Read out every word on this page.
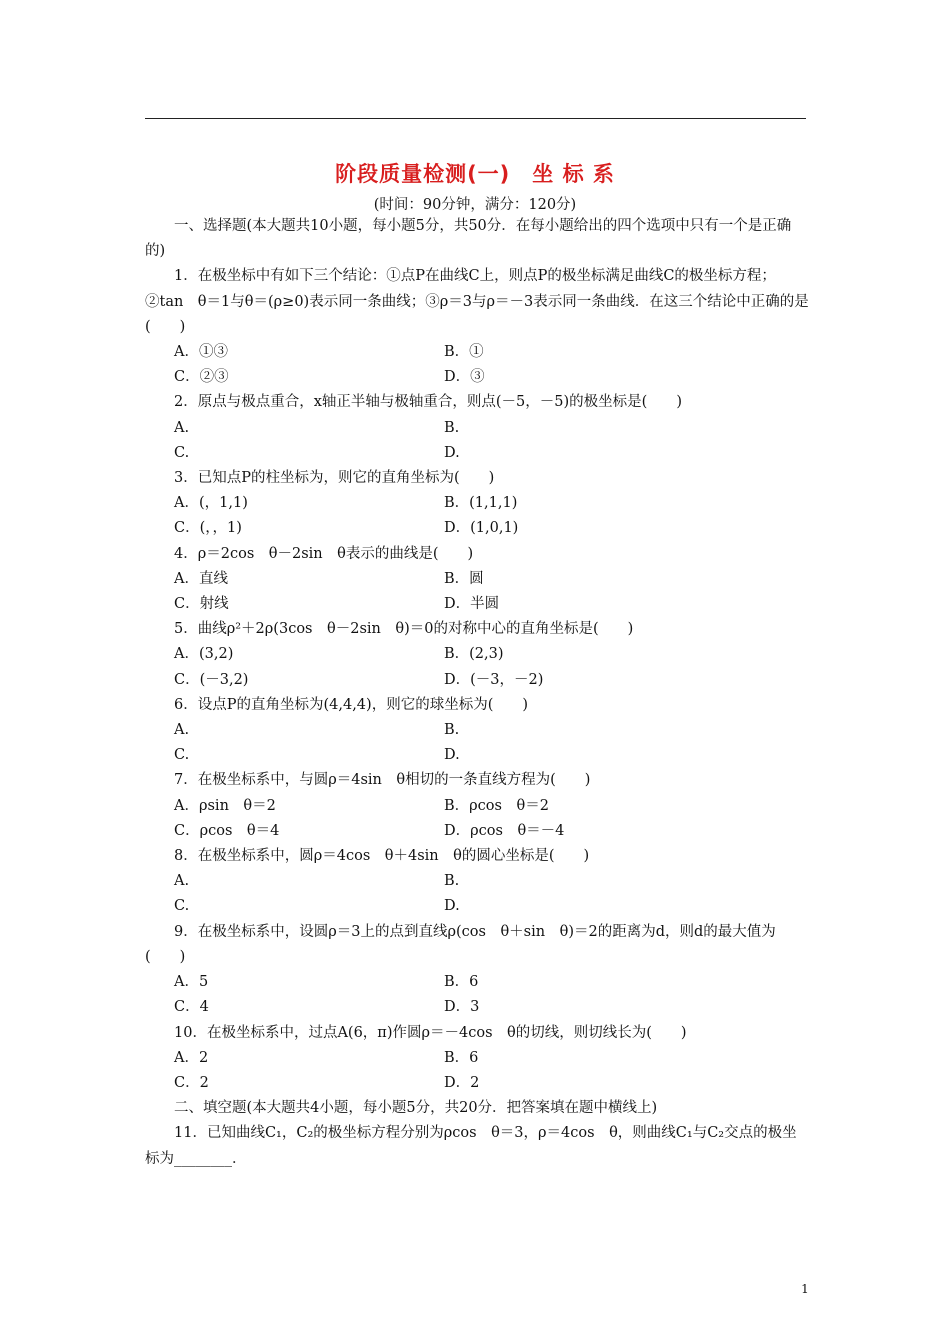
阶段质量检测(一)　坐 标 系
(时间：90分钟，满分：120分)

一、选择题(本大题共10小题，每小题5分，共50分．在每小题给出的四个选项中只有一个是正确的)

1．在极坐标中有如下三个结论：①点P在曲线C上，则点P的极坐标满足曲线C的极坐标方程；②tan　θ＝1与θ＝(ρ≥0)表示同一条曲线；③ρ＝3与ρ＝－3表示同一条曲线．在这三个结论中正确的是(　　)

A．①③	B．①
C．②③	D．③

2．原点与极点重合，x轴正半轴与极轴重合，则点(－5，－5)的极坐标是(　　)

A.	B.
C.	D.

3．已知点P的柱坐标为，则它的直角坐标为(　　)

A．(，1,1)	B．(1,1,1)
C．(，，1)	D．(1,0,1)

4．ρ＝2cos　θ－2sin　θ表示的曲线是(　　)

A．直线	B．圆
C．射线	D．半圆

5．曲线ρ²＋2ρ(3cos　θ－2sin　θ)＝0的对称中心的直角坐标是(　　)

A．(3,2)	B．(2,3)
C．(－3,2)	D．(－3，－2)

6．设点P的直角坐标为(4,4,4)，则它的球坐标为(　　)

A.	B.
C.	D.

7．在极坐标系中，与圆ρ＝4sin　θ相切的一条直线方程为(　　)

A．ρsin　θ＝2	B．ρcos　θ＝2
C．ρcos　θ＝4	D．ρcos　θ＝－4

8．在极坐标系中，圆ρ＝4cos　θ＋4sin　θ的圆心坐标是(　　)

A.	B.
C.	D.

9．在极坐标系中，设圆ρ＝3上的点到直线ρ(cos　θ＋sin　θ)＝2的距离为d，则d的最大值为(　　)

A．5	B．6
C．4	D．3

10．在极坐标系中，过点A(6，π)作圆ρ＝－4cos　θ的切线，则切线长为(　　)

A．2	B．6
C．2	D．2

二、填空题(本大题共4小题，每小题5分，共20分．把答案填在题中横线上)

11．已知曲线C₁，C₂的极坐标方程分别为ρcos　θ＝3，ρ＝4cos　θ，则曲线C₁与C₂交点的极坐标为________．

1
